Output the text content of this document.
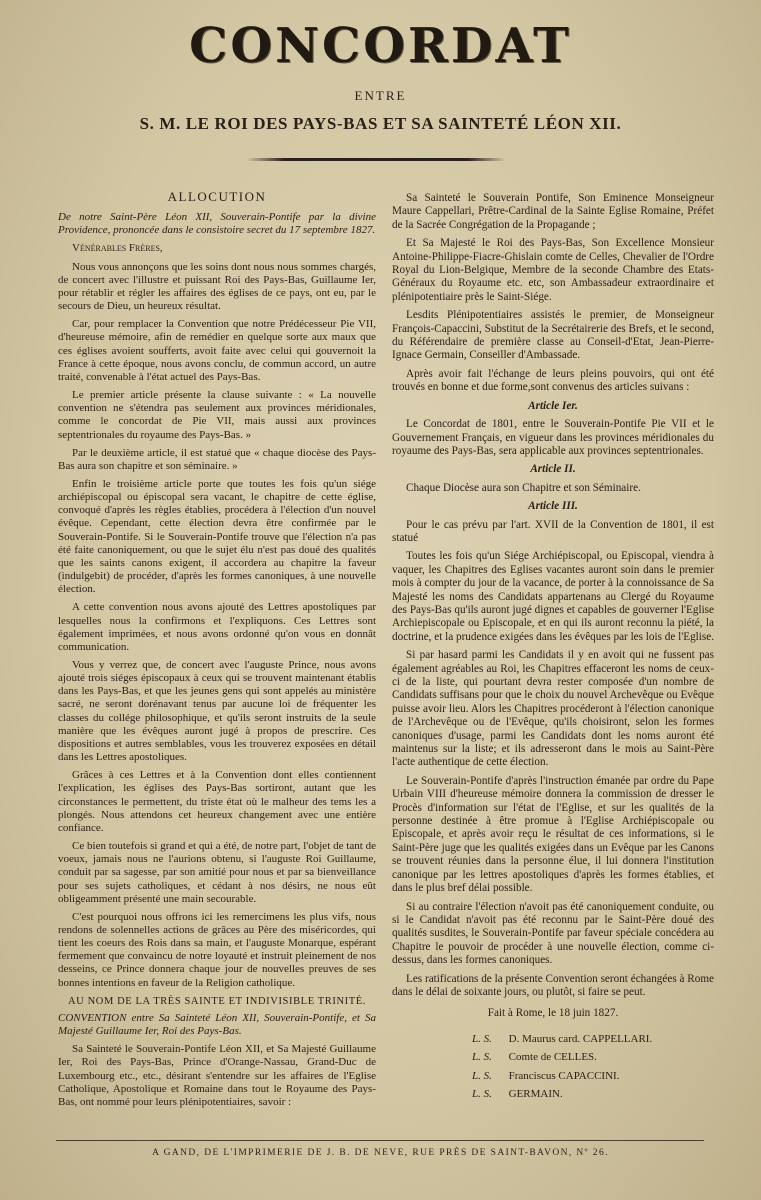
CONCORDAT
ENTRE
S. M. LE ROI DES PAYS-BAS ET SA SAINTETÉ LÉON XII.
ALLOCUTION

De notre Saint-Père Léon XII, Souverain-Pontife par la divine Providence, prononcée dans le consistoire secret du 17 septembre 1827.

Vénérables Frères,

Nous vous annonçons que les soins dont nous nous sommes chargés, de concert avec l'illustre et puissant Roi des Pays-Bas, Guillaume Ier, pour rétablir et régler les affaires des églises de ce pays, ont eu, par le secours de Dieu, un heureux résultat.

Car, pour remplacer la Convention que notre Prédécesseur Pie VII, d'heureuse mémoire, afin de remédier en quelque sorte aux maux que ces églises avoient soufferts, avoit faite avec celui qui gouvernoit la France à cette époque, nous avons conclu, de commun accord, un autre traité, convenable à l'état actuel des Pays-Bas.

Le premier article présente la clause suivante : « La nouvelle convention ne s'étendra pas seulement aux provinces méridionales, comme le concordat de Pie VII, mais aussi aux provinces septentrionales du royaume des Pays-Bas. »

Par le deuxième article, il est statué que « chaque diocèse des Pays-Bas aura son chapitre et son séminaire. »

Enfin le troisième article porte que toutes les fois qu'un siége archiépiscopal ou épiscopal sera vacant, le chapitre de cette église, convoqué d'après les règles établies, procédera à l'élection d'un nouvel évêque. Cependant, cette élection devra être confirmée par le Souverain-Pontife. Si le Souverain-Pontife trouve que l'élection n'a pas été faite canoniquement, ou que le sujet élu n'est pas doué des qualités que les saints canons exigent, il accordera au chapitre la faveur (indulgebit) de procéder, d'après les formes canoniques, à une nouvelle élection.

A cette convention nous avons ajouté des Lettres apostoliques par lesquelles nous la confirmons et l'expliquons. Ces Lettres sont également imprimées, et nous avons ordonné qu'on vous en donnât communication.

Vous y verrez que, de concert avec l'auguste Prince, nous avons ajouté trois siéges épiscopaux à ceux qui se trouvent maintenant établis dans les Pays-Bas, et que les jeunes gens qui sont appelés au ministère sacré, ne seront dorénavant tenus par aucune loi de fréquenter les classes du collége philosophique, et qu'ils seront instruits de la seule manière que les évêques auront jugé à propos de prescrire. Ces dispositions et autres semblables, vous les trouverez exposées en détail dans les Lettres apostoliques.

Grâces à ces Lettres et à la Convention dont elles contiennent l'explication, les églises des Pays-Bas sortiront, autant que les circonstances le permettent, du triste état où le malheur des tems les a plongés. Nous attendons cet heureux changement avec une entière confiance.

Ce bien toutefois si grand et qui a été, de notre part, l'objet de tant de voeux, jamais nous ne l'aurions obtenu, si l'auguste Roi Guillaume, conduit par sa sagesse, par son amitié pour nous et par sa bienveillance pour ses sujets catholiques, et cédant à nos désirs, ne nous eût obligeamment présenté une main secourable.

C'est pourquoi nous offrons ici les remercimens les plus vifs, nous rendons de solennelles actions de grâces au Père des miséricordes, qui tient les coeurs des Rois dans sa main, et l'auguste Monarque, espérant fermement que convaincu de notre loyauté et instruit pleinement de nos desseins, ce Prince donnera chaque jour de nouvelles preuves de ses bonnes intentions en faveur de la Religion catholique.

AU NOM DE LA TRÈS SAINTE ET INDIVISIBLE TRINITÉ.

CONVENTION entre Sa Sainteté Léon XII, Souverain-Pontife, et Sa Majesté Guillaume Ier, Roi des Pays-Bas.

Sa Sainteté le Souverain-Pontife Léon XII, et Sa Majesté Guillaume Ier, Roi des Pays-Bas, Prince d'Orange-Nassau, Grand-Duc de Luxembourg etc., etc., désirant s'entendre sur les affaires de l'Eglise Catholique, Apostolique et Romaine dans tout le Royaume des Pays-Bas, ont nommé pour leurs plénipotentiaires, savoir :

Sa Sainteté le Souverain Pontife, Son Eminence Monseigneur Maure Cappellari, Prêtre-Cardinal de la Sainte Eglise Romaine, Préfet de la Sacrée Congrégation de la Propagande ;

Et Sa Majesté le Roi des Pays-Bas, Son Excellence Monsieur Antoine-Philippe-Fiacre-Ghislain comte de Celles, Chevalier de l'Ordre Royal du Lion-Belgique, Membre de la seconde Chambre des Etats-Généraux du Royaume etc. etc, son Ambassadeur extraordinaire et plénipotentiaire près le Saint-Siége.

Lesdits Plénipotentiaires assistés le premier, de Monseigneur François-Capaccini, Substitut de la Secrétairerie des Brefs, et le second, du Référendaire de première classe au Conseil-d'Etat, Jean-Pierre-Ignace Germain, Conseiller d'Ambassade.

Après avoir fait l'échange de leurs pleins pouvoirs, qui ont été trouvés en bonne et due forme,sont convenus des articles suivans :

Article Ier.

Le Concordat de 1801, entre le Souverain-Pontife Pie VII et le Gouvernement Français, en vigueur dans les provinces méridionales du royaume des Pays-Bas, sera applicable aux provinces septentrionales.

Article II.

Chaque Diocèse aura son Chapitre et son Séminaire.

Article III.

Pour le cas prévu par l'art. XVII de la Convention de 1801, il est statué

Toutes les fois qu'un Siége Archiépiscopal, ou Episcopal, viendra à vaquer, les Chapitres des Eglises vacantes auront soin dans le premier mois à compter du jour de la vacance, de porter à la connoissance de Sa Majesté les noms des Candidats appartenans au Clergé du Royaume des Pays-Bas qu'ils auront jugé dignes et capables de gouverner l'Eglise Archiepiscopale ou Episcopale, et en qui ils auront reconnu la piété, la doctrine, et la prudence exigées dans les évêques par les lois de l'Eglise.

Si par hasard parmi les Candidats il y en avoit qui ne fussent pas également agréables au Roi, les Chapitres effaceront les noms de ceux-ci de la liste, qui pourtant devra rester composée d'un nombre de Candidats suffisans pour que le choix du nouvel Archevêque ou Evêque puisse avoir lieu. Alors les Chapitres procéderont à l'élection canonique de l'Archevêque ou de l'Evêque, qu'ils choisiront, selon les formes canoniques d'usage, parmi les Candidats dont les noms auront été maintenus sur la liste; et ils adresseront dans le mois au Saint-Père l'acte authentique de cette élection.

Le Souverain-Pontife d'après l'instruction émanée par ordre du Pape Urbain VIII d'heureuse mémoire donnera la commission de dresser le Procès d'information sur l'état de l'Eglise, et sur les qualités de la personne destinée à être promue à l'Eglise Archiépiscopale ou Episcopale, et après avoir reçu le résultat de ces informations, si le Saint-Père juge que les qualités exigées dans un Evêque par les Canons se trouvent réunies dans la personne élue, il lui donnera l'institution canonique par les lettres apostoliques d'après les formes établies, et dans le plus bref délai possible.

Si au contraire l'élection n'avoit pas été canoniquement conduite, ou si le Candidat n'avoit pas été reconnu par le Saint-Père doué des qualités susdites, le Souverain-Pontife par faveur spéciale concédera au Chapitre le pouvoir de procéder à une nouvelle élection, comme ci-dessus, dans les formes canoniques.

Les ratifications de la présente Convention seront échangées à Rome dans le délai de soixante jours, ou plutôt, si faire se peut.

Fait à Rome, le 18 juin 1827.

L. S. D. Maurus card. CAPPELLARI.
L. S. Comte de CELLES.
L. S. Franciscus CAPACCINI.
L. S. GERMAIN.
A GAND, DE L'IMPRIMERIE DE J. B. DE NEVE, RUE PRÈS DE SAINT-BAVON, Nº 26.
